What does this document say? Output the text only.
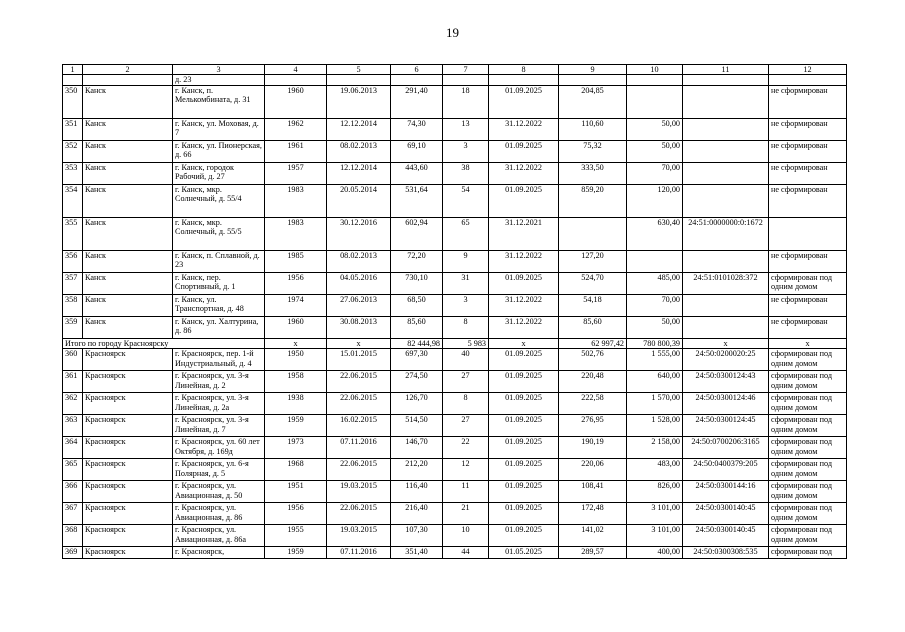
19
1	2	3	4	5	6	7	8	9	10	11	12
		д. 23									
350	Канск	г. Канск, п. Мелькомбината, д. 31	1960	19.06.2013	291,40	18	01.09.2025	204,85			не сформирован
351	Канск	г. Канск, ул. Моховая, д. 7	1962	12.12.2014	74,30	13	31.12.2022	110,60	50,00		не сформирован
352	Канск	г. Канск, ул. Пионерская, д. 66	1961	08.02.2013	69,10	3	01.09.2025	75,32	50,00		не сформирован
353	Канск	г. Канск, городок Рабочий, д. 27	1957	12.12.2014	443,60	38	31.12.2022	333,50	70,00		не сформирован
354	Канск	г. Канск, мкр. Солнечный, д. 55/4	1983	20.05.2014	531,64	54	01.09.2025	859,20	120,00		не сформирован
355	Канск	г. Канск, мкр. Солнечный, д. 55/5	1983	30.12.2016	602,94	65	31.12.2021		630,40	24:51:0000000:0:1672	
356	Канск	г. Канск, п. Сплавной, д. 23	1985	08.02.2013	72,20	9	31.12.2022	127,20			не сформирован
357	Канск	г. Канск, пер. Спортивный, д. 1	1956	04.05.2016	730,10	31	01.09.2025	524,70	485,00	24:51:0101028:372	сформирован под одним домом
358	Канск	г. Канск, ул. Транспортная, д. 48	1974	27.06.2013	68,50	3	31.12.2022	54,18	70,00		не сформирован
359	Канск	г. Канск, ул. Халтурина, д. 86	1960	30.08.2013	85,60	8	31.12.2022	85,60	50,00		не сформирован
Итого по городу Красноярску			х	х	82 444,98	5 983	х	62 997,42	780 800,39	х	х
360	Красноярск	г. Красноярск, пер. 1-й Индустриальный, д. 4	1950	15.01.2015	697,30	40	01.09.2025	502,76	1 555,00	24:50:0200020:25	сформирован под одним домом
361	Красноярск	г. Красноярск, ул. 3-я Линейная, д. 2	1958	22.06.2015	274,50	27	01.09.2025	220,48	640,00	24:50:0300124:43	сформирован под одним домом
362	Красноярск	г. Красноярск, ул. 3-я Линейная, д. 2а	1938	22.06.2015	126,70	8	01.09.2025	222,58	1 570,00	24:50:0300124:46	сформирован под одним домом
363	Красноярск	г. Красноярск, ул. 3-я Линейная, д. 7	1959	16.02.2015	514,50	27	01.09.2025	276,95	1 528,00	24:50:0300124:45	сформирован под одним домом
364	Красноярск	г. Красноярск, ул. 60 лет Октября, д. 169д	1973	07.11.2016	146,70	22	01.09.2025	190,19	2 158,00	24:50:0700206:3165	сформирован под одним домом
365	Красноярск	г. Красноярск, ул. 6-я Полярная, д. 5	1968	22.06.2015	212,20	12	01.09.2025	220,06	483,00	24:50:0400379:205	сформирован под одним домом
366	Красноярск	г. Красноярск, ул. Авиационная, д. 50	1951	19.03.2015	116,40	11	01.09.2025	108,41	826,00	24:50:0300144:16	сформирован под одним домом
367	Красноярск	г. Красноярск, ул. Авиационная, д. 86	1956	22.06.2015	216,40	21	01.09.2025	172,48	3 101,00	24:50:0300140:45	сформирован под одним домом
368	Красноярск	г. Красноярск, ул. Авиационная, д. 86а	1955	19.03.2015	107,30	10	01.09.2025	141,02	3 101,00	24:50:0300140:45	сформирован под одним домом
369	Красноярск	г. Красноярск,	1959	07.11.2016	351,40	44	01.05.2025	289,57	400,00	24:50:0300308:535	сформирован под
